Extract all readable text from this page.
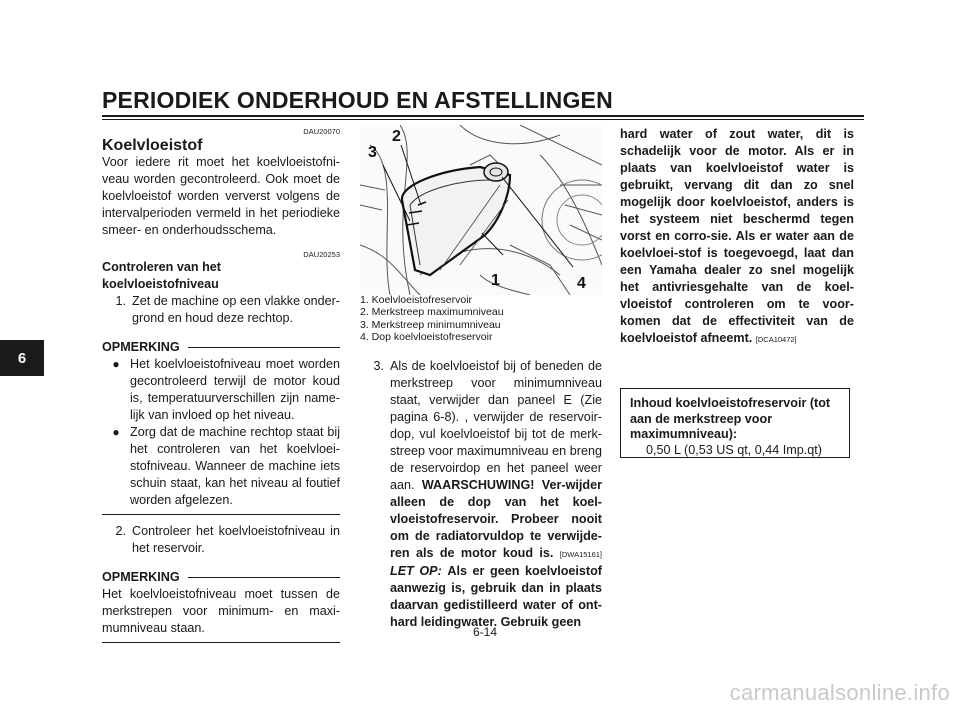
PERIODIEK ONDERHOUD EN AFSTELLINGEN
6
DAU20070
Koelvloeistof
Voor iedere rit moet het koelvloeistofni-veau worden gecontroleerd. Ook moet de koelvloeistof worden ververst volgens de intervalperioden vermeld in het periodieke smeer- en onderhoudsschema.
DAU20253
Controleren van het
koelvloeistofniveau
1. Zet de machine op een vlakke onder-grond en houd deze rechtop.
OPMERKING
● Het koelvloeistofniveau moet worden gecontroleerd terwijl de motor koud is, temperatuurverschillen zijn name-lijk van invloed op het niveau.
● Zorg dat de machine rechtop staat bij het controleren van het koelvloei-stofniveau. Wanneer de machine iets schuin staat, kan het niveau al foutief worden afgelezen.
2. Controleer het koelvloeistofniveau in het reservoir.
OPMERKING
Het koelvloeistofniveau moet tussen de merkstrepen voor minimum- en maxi-mumniveau staan.
3
2
1	4
1. Koelvloeistofreservoir
2. Merkstreep maximumniveau
3. Merkstreep minimumniveau
4. Dop koelvloeistofreservoir
3. Als de koelvloeistof bij of beneden de merkstreep voor minimumniveau staat, verwijder dan paneel E (Zie pagina 6-8). , verwijder de reservoir-dop, vul koelvloeistof bij tot de merk-streep voor maximumniveau en breng de reservoirdop en het paneel weer aan. WAARSCHUWING! Ver-wijder alleen de dop van het koel-vloeistofreservoir. Probeer nooit om de radiatorvuldop te verwijde-ren als de motor koud is. [DWA15161] LET OP: Als er geen koelvloeistof aanwezig is, gebruik dan in plaats daarvan gedistilleerd water of ont-hard leidingwater. Gebruik geen
hard water of zout water, dit is schadelijk voor de motor. Als er in plaats van koelvloeistof water is gebruikt, vervang dit dan zo snel mogelijk door koelvloeistof, anders is het systeem niet beschermd tegen vorst en corro-sie. Als er water aan de koelvloei-stof is toegevoegd, laat dan een Yamaha dealer zo snel mogelijk het antivriesgehalte van de koel-vloeistof controleren om te voor-komen dat de effectiviteit van de koelvloeistof afneemt. [DCA10472]
Inhoud koelvloeistofreservoir (tot
aan de merkstreep voor
maximumniveau):
0,50 L (0,53 US qt, 0,44 Imp.qt)
6-14
carmanualsonline.info
